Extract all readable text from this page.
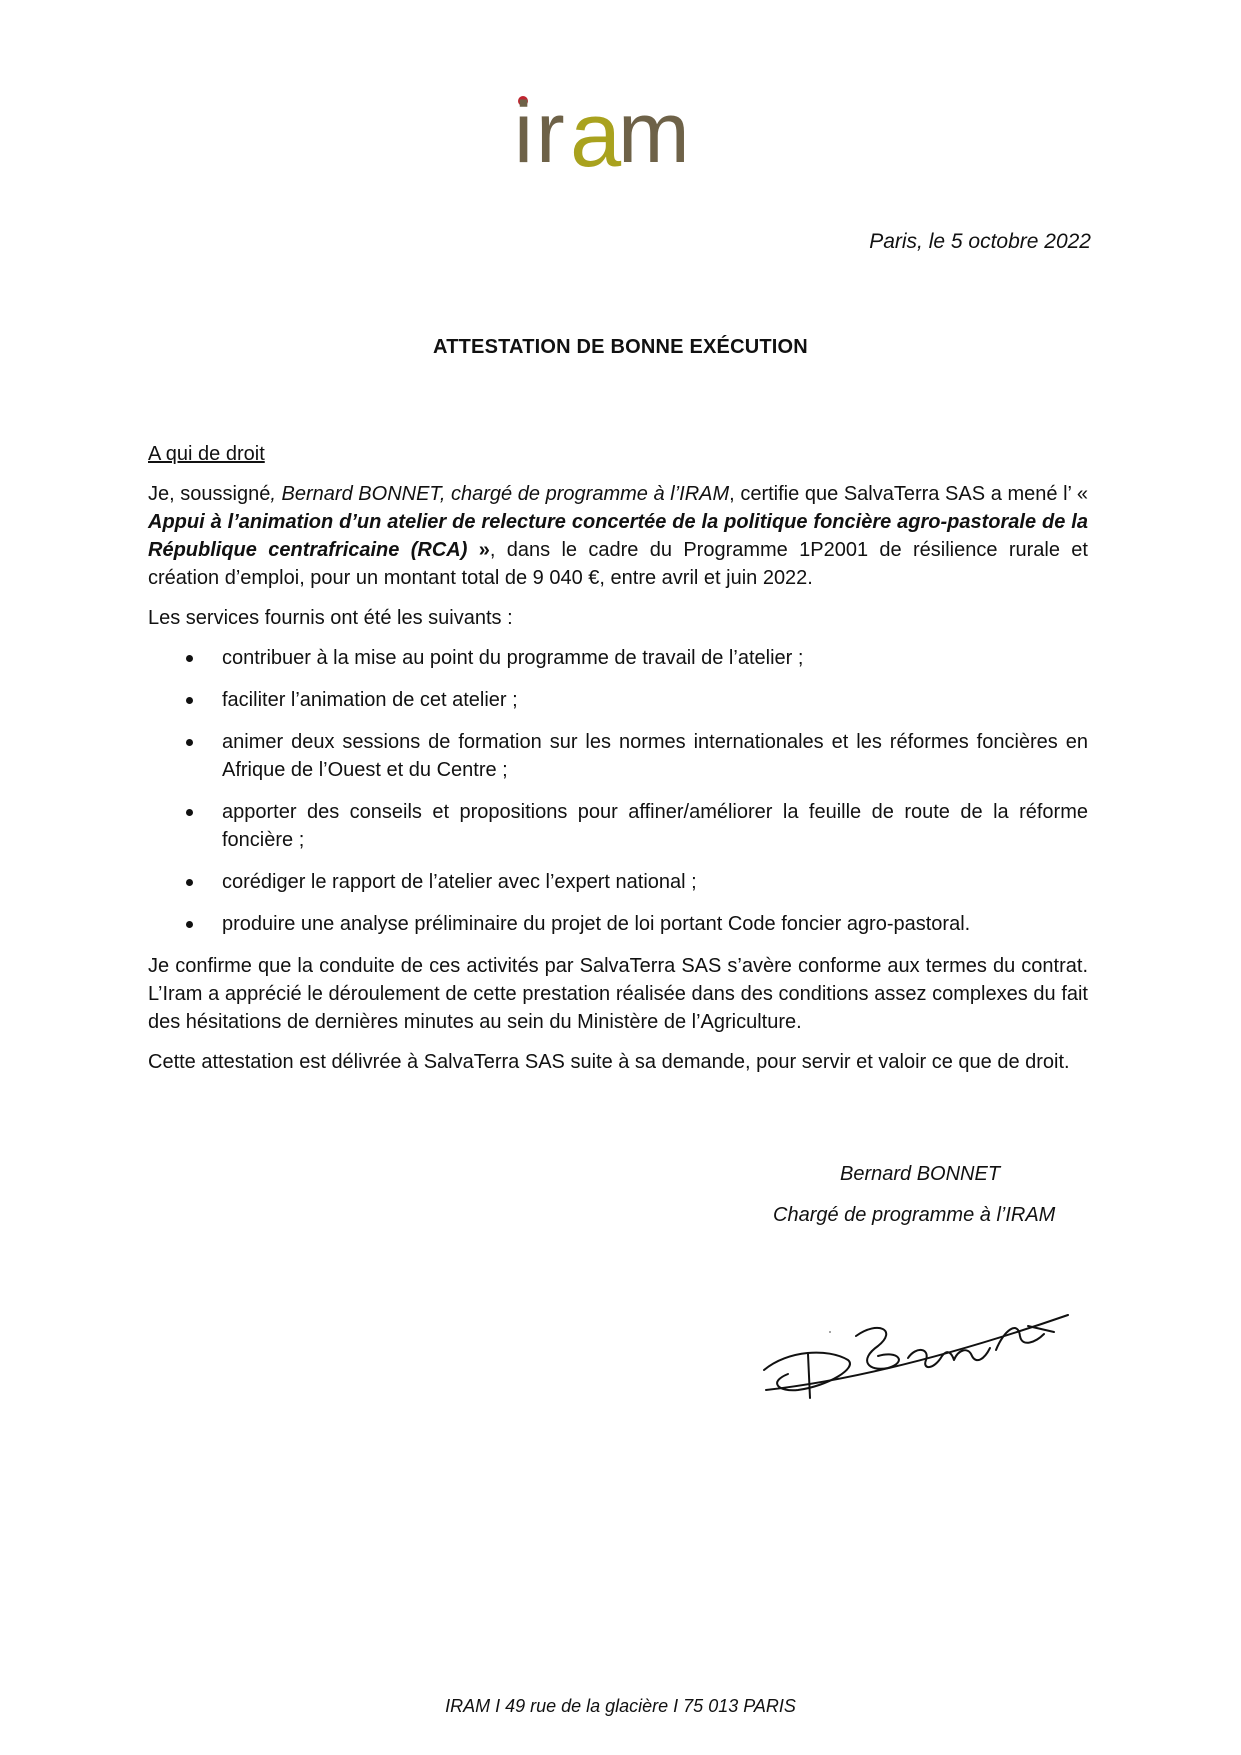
i r a
m
Paris, le 5 octobre 2022
ATTESTATION DE BONNE EXÉCUTION

A qui de droit

Je, soussigné, Bernard BONNET, chargé de programme à l’IRAM, certifie que SalvaTerra SAS a mené l’ « Appui à l’animation d’un atelier de relecture concertée de la politique foncière agro-pastorale de la République centrafricaine (RCA) », dans le cadre du Programme 1P2001 de résilience rurale et création d’emploi, pour un montant total de 9 040 €, entre avril et juin 2022.

Les services fournis ont été les suivants :

contribuer à la mise au point du programme de travail de l’atelier ;
faciliter l’animation de cet atelier ;
animer deux sessions de formation sur les normes internationales et les réformes foncières en Afrique de l’Ouest et du Centre ;
apporter des conseils et propositions pour affiner/améliorer la feuille de route de la réforme foncière ;
corédiger le rapport de l’atelier avec l’expert national ;
produire une analyse préliminaire du projet de loi portant Code foncier agro-pastoral.

Je confirme que la conduite de ces activités par SalvaTerra SAS s’avère conforme aux termes du contrat. L’Iram a apprécié le déroulement de cette prestation réalisée dans des conditions assez complexes du fait des hésitations de dernières minutes au sein du Ministère de l’Agriculture.

Cette attestation est délivrée à SalvaTerra SAS suite à sa demande, pour servir et valoir ce que de droit.

Bernard BONNET
Chargé de programme à l’IRAM
IRAM I 49 rue de la glacière I 75 013 PARIS
